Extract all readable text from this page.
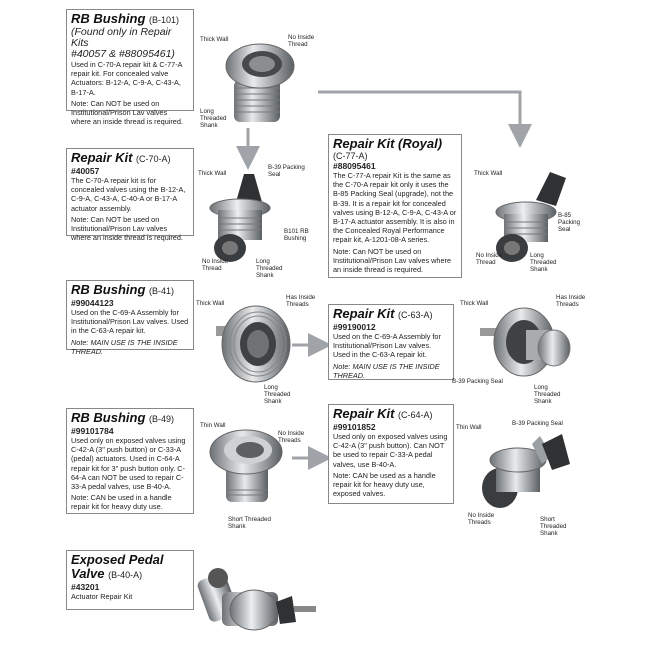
RB Bushing (B-101)
(Found only in Repair Kits
#40057 & #88095461)
Used in C-70-A repair kit & C-77-A repair kit. For concealed valve Actuators: B-12-A, C-9-A, C-43-A, B-17-A.
Note: Can NOT be used on Institutional/Prison Lav valves where an inside thread is required.
Thick Wall	No Inside Thread
Long Threaded Shank
Repair Kit (C-70-A)
#40057
The C-70-A repair kit is for concealed valves using the B-12-A, C-9-A, C-43-A, C-40-A or B-17-A actuator assembly.
Note: Can NOT be used on Institutional/Prison Lav valves where an inside thread is required.
Thick Wall
B-39 Packing Seal
B101 RB Bushing
No Inside Thread
Long Threaded Shank
Repair Kit (Royal)
(C-77-A)
#88095461
The C-77-A repair Kit is the same as the C-70-A repair kit only it uses the B-85 Packing Seal (upgrade), not the B-39. It is a repair kit for concealed valves using B-12-A, C-9-A, C-43-A or B-17-A actuator assembly. It is also in the Concealed Royal Performance repair kit, A-1201-08-A series.
Note: Can NOT be used on Institutional/Prison Lav valves where an inside thread is required.
Thick Wall
B-85 Packing Seal
No Inside Thread
Long Threaded Shank
RB Bushing (B-41)
#99044123
Used on the C-69-A Assembly for Institutional/Prison Lav valves. Used in the C-63-A repair kit.
Note: MAIN USE IS THE INSIDE THREAD.
Thick Wall
Has Inside Threads
Long Threaded Shank
Repair Kit (C-63-A)
#99190012
Used on the C-69-A Assembly for Institutional/Prison Lav valves. Used in the C-63-A repair kit.
Note: MAIN USE IS THE INSIDE THREAD.
Thick Wall
Has Inside Threads
B-39 Packing Seal
Long Threaded Shank
RB Bushing (B-49)
#99101784
Used only on exposed valves using C-42-A (3" push button) or C-33-A (pedal) actuators. Used in C-64-A repair kit for 3" push button only. C-64-A can NOT be used to repair C-33-A pedal valves, use B-40-A.
Note: CAN be used in a handle repair kit for heavy duty use.
Thin Wall
No Inside Threads
Short Threaded Shank
Repair Kit (C-64-A)
#99101852
Used only on exposed valves using C-42-A (3" push button). Can NOT be used to repair C-33-A pedal valves, use B-40-A.
Note: CAN be used as a handle repair kit for heavy duty use, exposed valves.
Thin Wall
B-39 Packing Seal
No Inside Threads	Short Threaded Shank
Exposed Pedal
Valve (B-40-A)
#43201
Actuator Repair Kit
